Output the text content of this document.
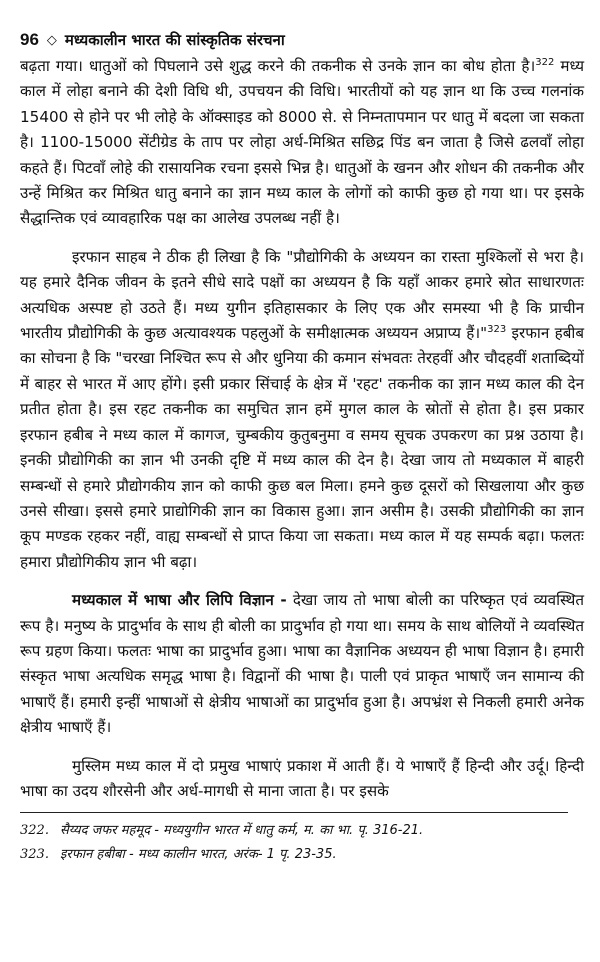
96 ◇ मध्यकालीन भारत की सांस्कृतिक संरचना

बढ़ता गया। धातुओं को पिघलाने उसे शुद्ध करने की तकनीक से उनके ज्ञान का बोध होता है।$^{322}$ मध्य काल में लोहा बनाने की देशी विधि थी, उपचयन की विधि। भारतीयों को यह ज्ञान था कि उच्च गलनांक 15400 से होने पर भी लोहे के ऑक्साइड को 8000 से. से निम्नतापमान पर धातु में बदला जा सकता है। 1100-15000 सेंटीग्रेड के ताप पर लोहा अर्ध-मिश्रित सछिद्र पिंड बन जाता है जिसे ढलवाँ लोहा कहते हैं। पिटवाँ लोहे की रासायनिक रचना इससे भिन्न है। धातुओं के खनन और शोधन की तकनीक और उन्हें मिश्रित कर मिश्रित धातु बनाने का ज्ञान मध्य काल के लोगों को काफी कुछ हो गया था। पर इसके सैद्धान्तिक एवं व्यावहारिक पक्ष का आलेख उपलब्ध नहीं है।

इरफान साहब ने ठीक ही लिखा है कि "प्रौद्योगिकी के अध्ययन का रास्ता मुश्किलों से भरा है। यह हमारे दैनिक जीवन के इतने सीधे सादे पक्षों का अध्ययन है कि यहाँ आकर हमारे स्रोत साधारणतः अत्यधिक अस्पष्ट हो उठते हैं। मध्य युगीन इतिहासकार के लिए एक और समस्या भी है कि प्राचीन भारतीय प्रौद्योगिकी के कुछ अत्यावश्यक पहलुओं के समीक्षात्मक अध्ययन अप्राप्य हैं।"$^{323}$ इरफान हबीब का सोचना है कि "चरखा निश्चित रूप से और धुनिया की कमान संभवतः तेरहवीं और चौदहवीं शताब्दियों में बाहर से भारत में आए होंगे। इसी प्रकार सिंचाई के क्षेत्र में 'रहट' तकनीक का ज्ञान मध्य काल की देन प्रतीत होता है। इस रहट तकनीक का समुचित ज्ञान हमें मुगल काल के स्रोतों से होता है। इस प्रकार इरफान हबीब ने मध्य काल में कागज, चुम्बकीय कुतुबनुमा व समय सूचक उपकरण का प्रश्न उठाया है। इनकी प्रौद्योगिकी का ज्ञान भी उनकी दृष्टि में मध्य काल की देन है। देखा जाय तो मध्यकाल में बाहरी सम्बन्धों से हमारे प्रौद्योगकीय ज्ञान को काफी कुछ बल मिला। हमने कुछ दूसरों को सिखलाया और कुछ उनसे सीखा। इससे हमारे प्राद्योगिकी ज्ञान का विकास हुआ। ज्ञान असीम है। उसकी प्रौद्योगिकी का ज्ञान कूप मण्डक रहकर नहीं, वाह्य सम्बन्धों से प्राप्त किया जा सकता। मध्य काल में यह सम्पर्क बढ़ा। फलतः हमारा प्रौद्योगिकीय ज्ञान भी बढ़ा।

मध्यकाल में भाषा और लिपि विज्ञान - देखा जाय तो भाषा बोली का परिष्कृत एवं व्यवस्थित रूप है। मनुष्य के प्रादुर्भाव के साथ ही बोली का प्रादुर्भाव हो गया था। समय के साथ बोलियों ने व्यवस्थित रूप ग्रहण किया। फलतः भाषा का प्रादुर्भाव हुआ। भाषा का वैज्ञानिक अध्ययन ही भाषा विज्ञान है। हमारी संस्कृत भाषा अत्यधिक समृद्ध भाषा है। विद्वानों की भाषा है। पाली एवं प्राकृत भाषाएँ जन सामान्य की भाषाएँ हैं। हमारी इन्हीं भाषाओं से क्षेत्रीय भाषाओं का प्रादुर्भाव हुआ है। अपभ्रंश से निकली हमारी अनेक क्षेत्रीय भाषाएँ हैं।

मुस्लिम मध्य काल में दो प्रमुख भाषाएं प्रकाश में आती हैं। ये भाषाएँ हैं हिन्दी और उर्दू। हिन्दी भाषा का उदय शौरसेनी और अर्ध-मागधी से माना जाता है। पर इसके

322. सैय्यद जफर महमूद - मध्ययुगीन भारत में धातु कर्म, म. का भा. पृ. 316-21.
323. इरफान हबीबा - मध्य कालीन भारत, अरंक- 1 पृ. 23-35.
